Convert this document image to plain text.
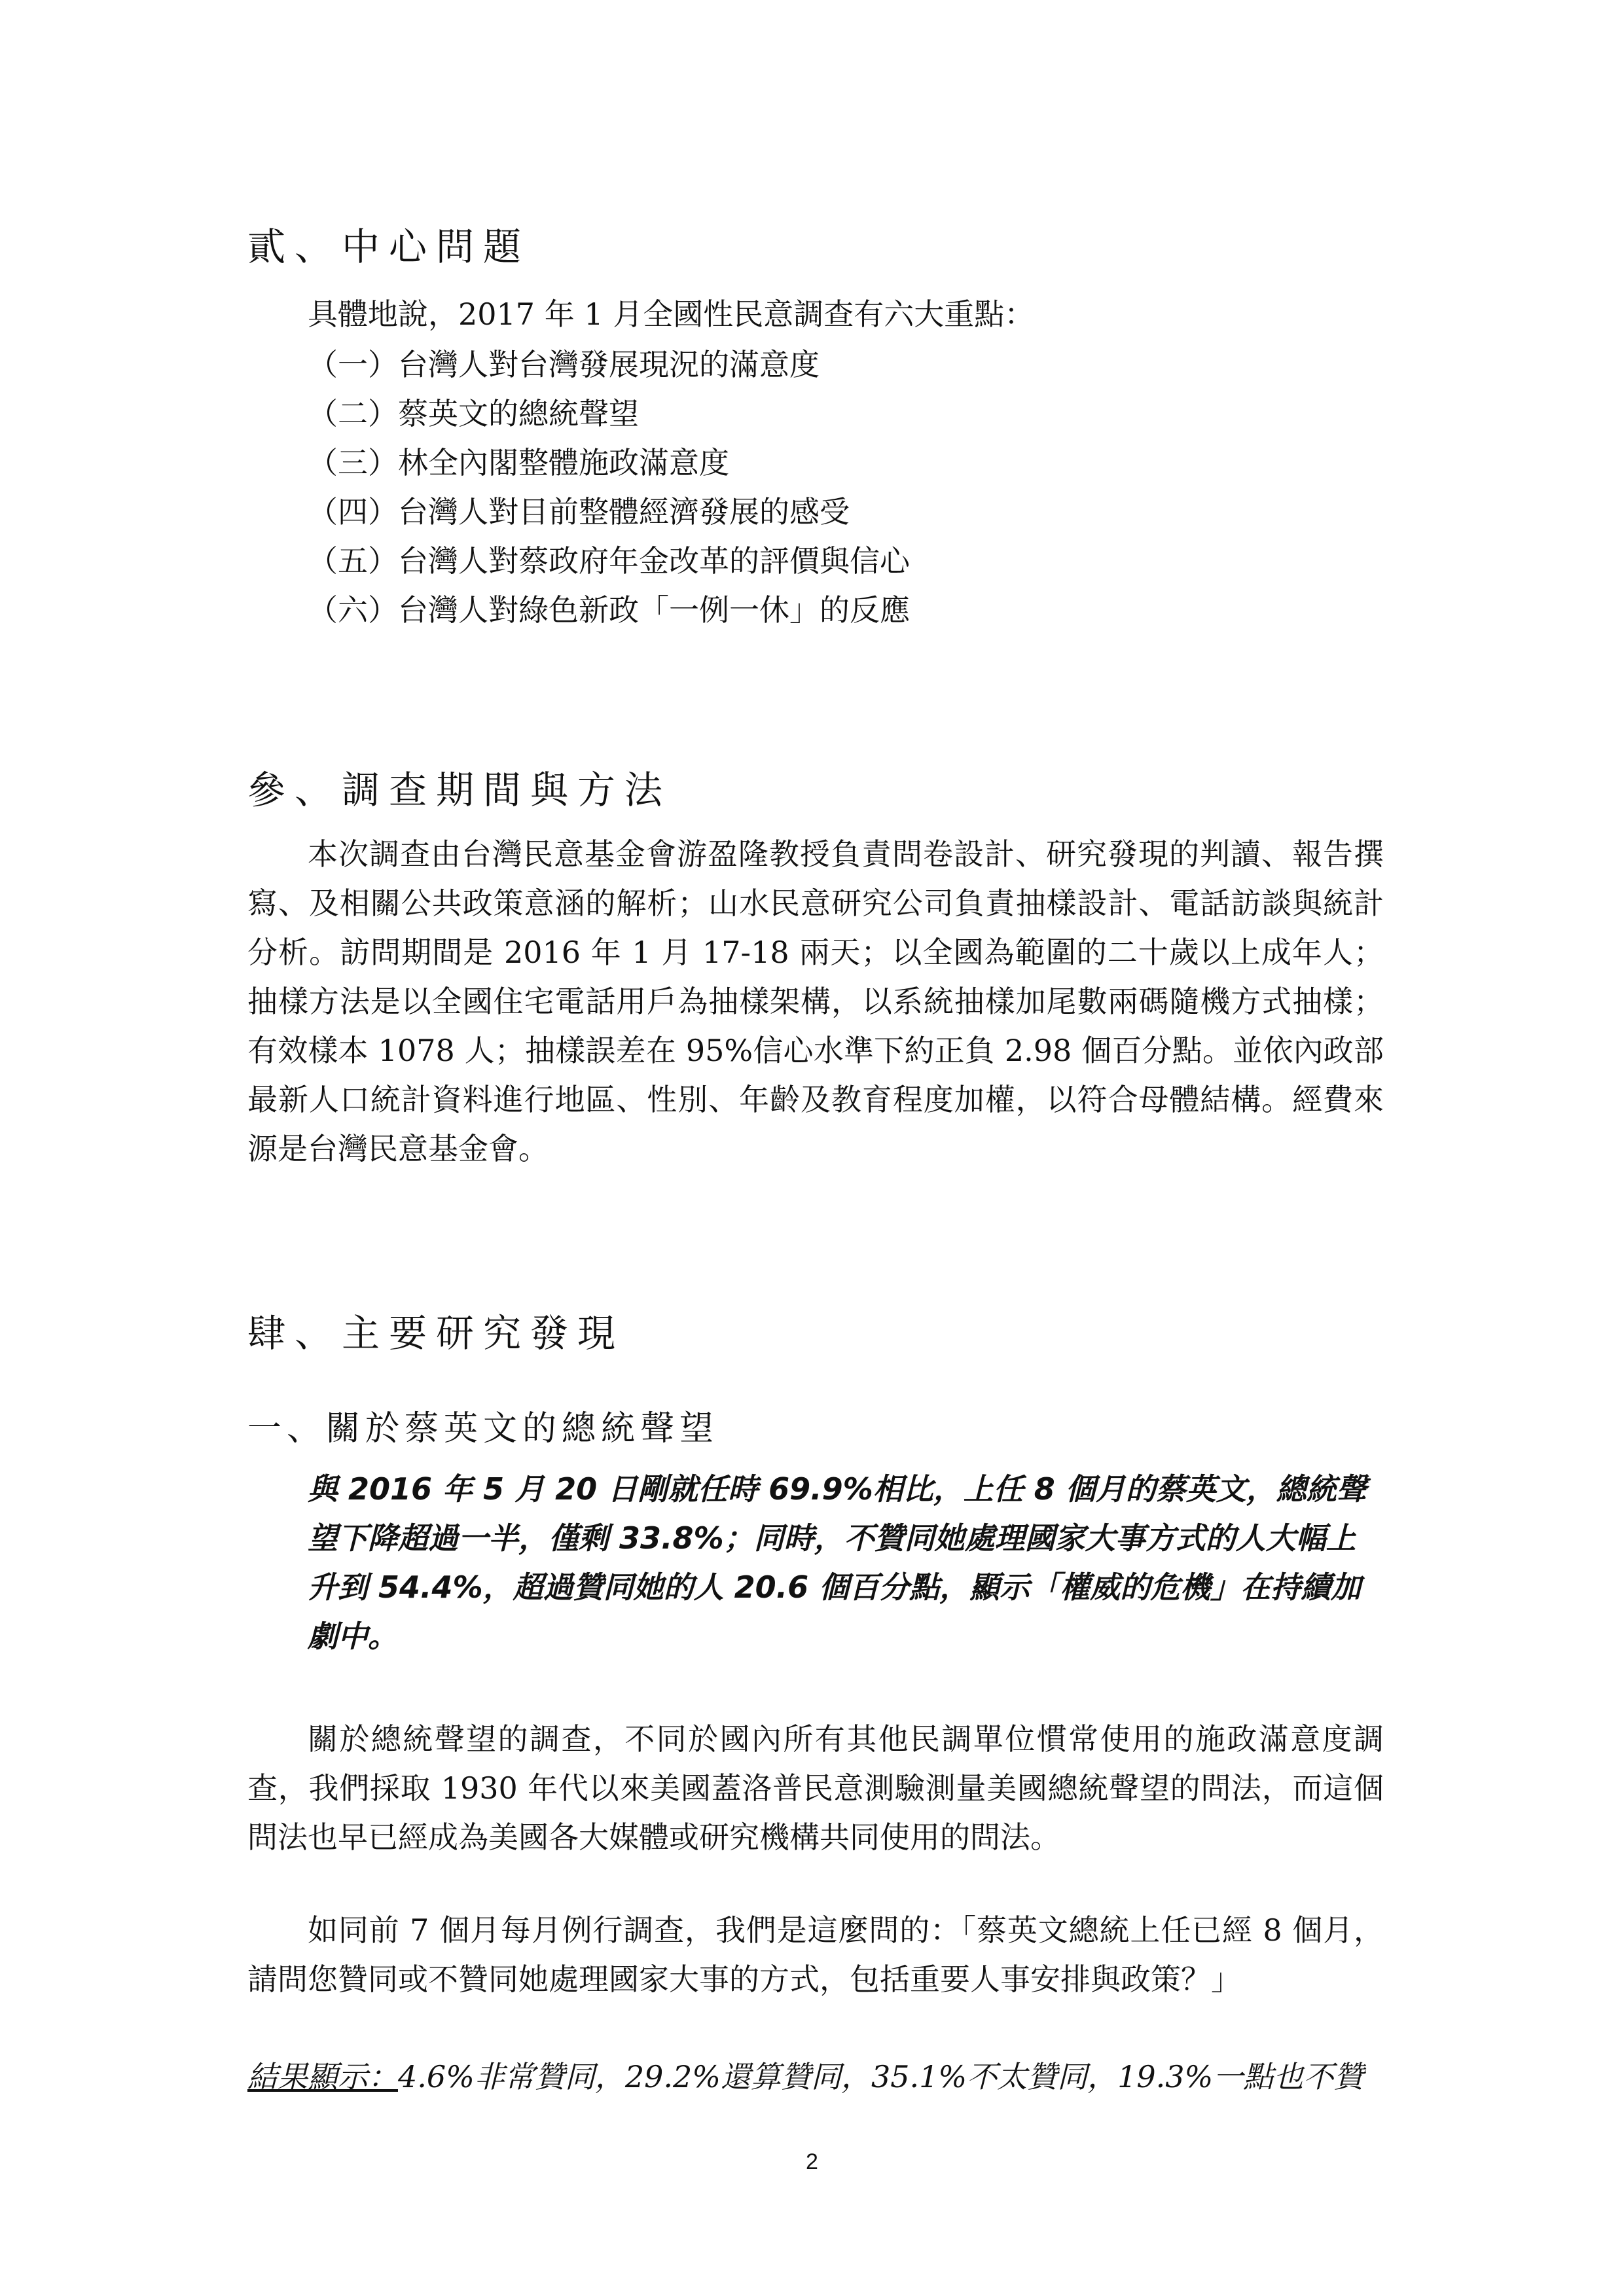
貳、中心問題

具體地說，2017 年 1 月全國性民意調查有六大重點：

（一）台灣人對台灣發展現況的滿意度
（二）蔡英文的總統聲望
（三）林全內閣整體施政滿意度
（四）台灣人對目前整體經濟發展的感受
（五）台灣人對蔡政府年金改革的評價與信心
（六）台灣人對綠色新政「一例一休」的反應
參、調查期間與方法

本次調查由台灣民意基金會游盈隆教授負責問卷設計、研究發現的判讀、報告撰寫、及相關公共政策意涵的解析；山水民意研究公司負責抽樣設計、電話訪談與統計分析。訪問期間是 2016 年 1 月 17-18 兩天；以全國為範圍的二十歲以上成年人；抽樣方法是以全國住宅電話用戶為抽樣架構，以系統抽樣加尾數兩碼隨機方式抽樣；有效樣本 1078 人；抽樣誤差在 95%信心水準下約正負 2.98 個百分點。並依內政部最新人口統計資料進行地區、性別、年齡及教育程度加權，以符合母體結構。經費來源是台灣民意基金會。

肆、主要研究發現
一、關於蔡英文的總統聲望

與 2016 年 5 月 20 日剛就任時 69.9%相比，上任 8 個月的蔡英文，總統聲望下降超過一半，僅剩 33.8%；同時，不贊同她處理國家大事方式的人大幅上升到 54.4%，超過贊同她的人 20.6 個百分點，顯示「權威的危機」在持續加劇中。

關於總統聲望的調查，不同於國內所有其他民調單位慣常使用的施政滿意度調查，我們採取 1930 年代以來美國蓋洛普民意測驗測量美國總統聲望的問法，而這個問法也早已經成為美國各大媒體或研究機構共同使用的問法。

如同前 7 個月每月例行調查，我們是這麼問的：「蔡英文總統上任已經 8 個月，請問您贊同或不贊同她處理國家大事的方式，包括重要人事安排與政策？」

結果顯示：4.6%非常贊同，29.2%還算贊同，35.1%不太贊同，19.3%一點也不贊

2
